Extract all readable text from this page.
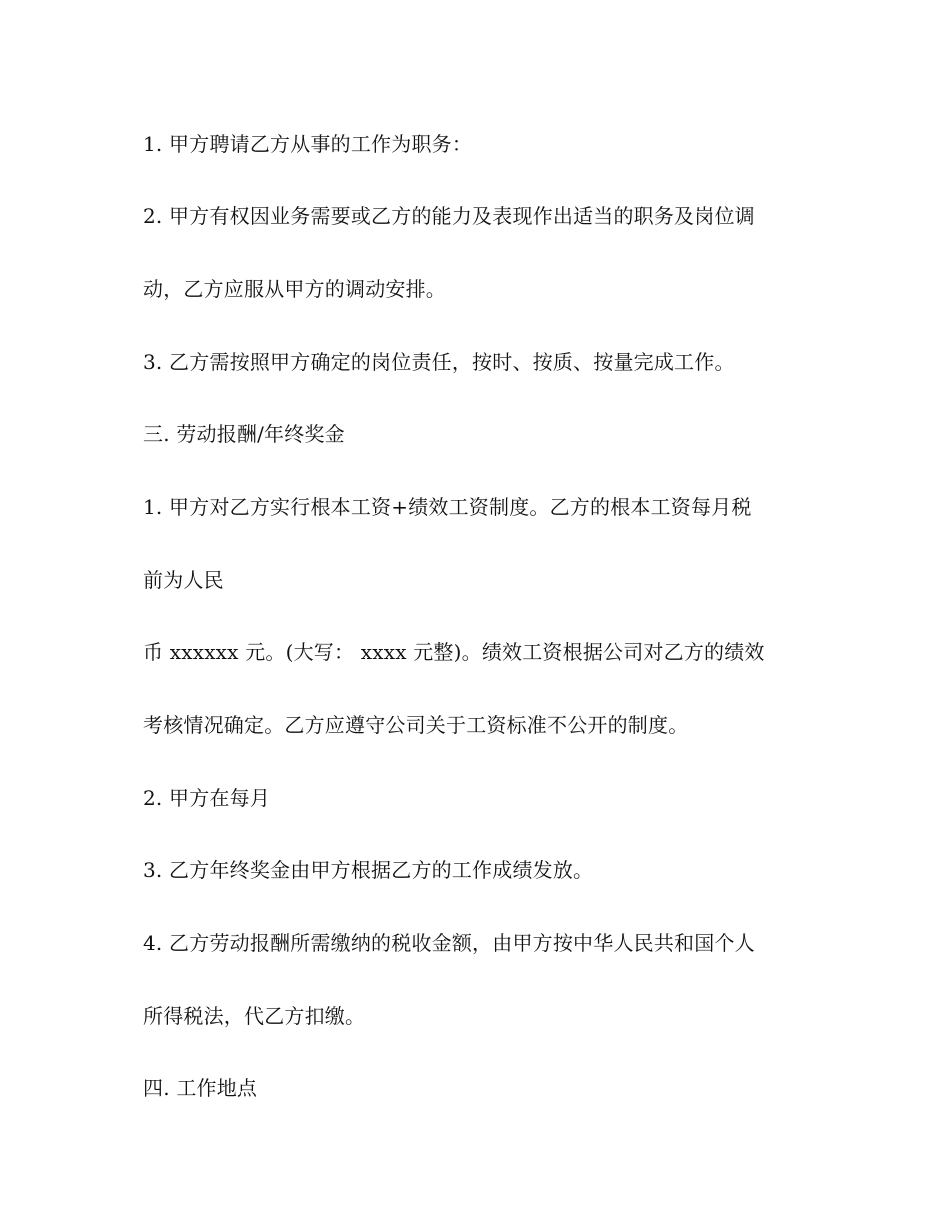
1. 甲方聘请乙方从事的工作为职务：
2. 甲方有权因业务需要或乙方的能力及表现作出适当的职务及岗位调
动，乙方应服从甲方的调动安排。
3. 乙方需按照甲方确定的岗位责任，按时、按质、按量完成工作。
三. 劳动报酬/年终奖金
1. 甲方对乙方实行根本工资+绩效工资制度。乙方的根本工资每月税
前为人民
币 xxxxxx 元。(大写： xxxx 元整)。绩效工资根据公司对乙方的绩效
考核情况确定。乙方应遵守公司关于工资标准不公开的制度。
2. 甲方在每月
3. 乙方年终奖金由甲方根据乙方的工作成绩发放。
4. 乙方劳动报酬所需缴纳的税收金额，由甲方按中华人民共和国个人
所得税法，代乙方扣缴。
四. 工作地点
